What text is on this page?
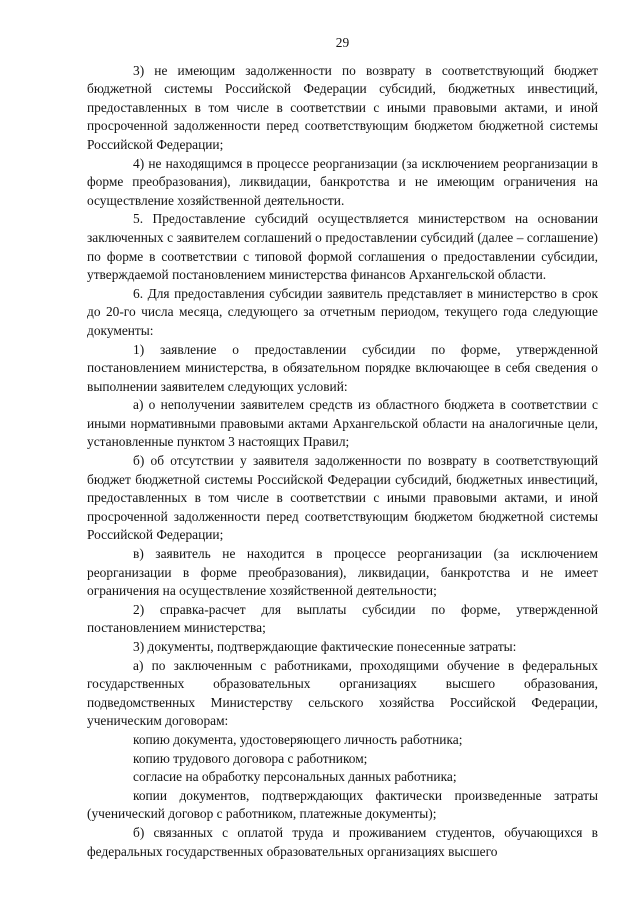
29

3) не имеющим задолженности по возврату в соответствующий бюджет бюджетной системы Российской Федерации субсидий, бюджетных инвестиций, предоставленных в том числе в соответствии с иными правовыми актами, и иной просроченной задолженности перед соответствующим бюджетом бюджетной системы Российской Федерации;

4) не находящимся в процессе реорганизации (за исключением реорганизации в форме преобразования), ликвидации, банкротства и не имеющим ограничения на осуществление хозяйственной деятельности.

5. Предоставление субсидий осуществляется министерством на основании заключенных с заявителем соглашений о предоставлении субсидий (далее – соглашение) по форме в соответствии с типовой формой соглашения о предоставлении субсидии, утверждаемой постановлением министерства финансов Архангельской области.

6. Для предоставления субсидии заявитель представляет в министерство в срок до 20-го числа месяца, следующего за отчетным периодом, текущего года следующие документы:

1) заявление о предоставлении субсидии по форме, утвержденной постановлением министерства, в обязательном порядке включающее в себя сведения о выполнении заявителем следующих условий:

а) о неполучении заявителем средств из областного бюджета в соответствии с иными нормативными правовыми актами Архангельской области на аналогичные цели, установленные пунктом 3 настоящих Правил;

б) об отсутствии у заявителя задолженности по возврату в соответствующий бюджет бюджетной системы Российской Федерации субсидий, бюджетных инвестиций, предоставленных в том числе в соответствии с иными правовыми актами, и иной просроченной задолженности перед соответствующим бюджетом бюджетной системы Российской Федерации;

в) заявитель не находится в процессе реорганизации (за исключением реорганизации в форме преобразования), ликвидации, банкротства и не имеет ограничения на осуществление хозяйственной деятельности;

2) справка-расчет для выплаты субсидии по форме, утвержденной постановлением министерства;

3) документы, подтверждающие фактические понесенные затраты:

а) по заключенным с работниками, проходящими обучение в федеральных государственных образовательных организациях высшего образования, подведомственных Министерству сельского хозяйства Российской Федерации, ученическим договорам:

копию документа, удостоверяющего личность работника;

копию трудового договора с работником;

согласие на обработку персональных данных работника;

копии документов, подтверждающих фактически произведенные затраты (ученический договор с работником, платежные документы);

б) связанных с оплатой труда и проживанием студентов, обучающихся в федеральных государственных образовательных организациях высшего
